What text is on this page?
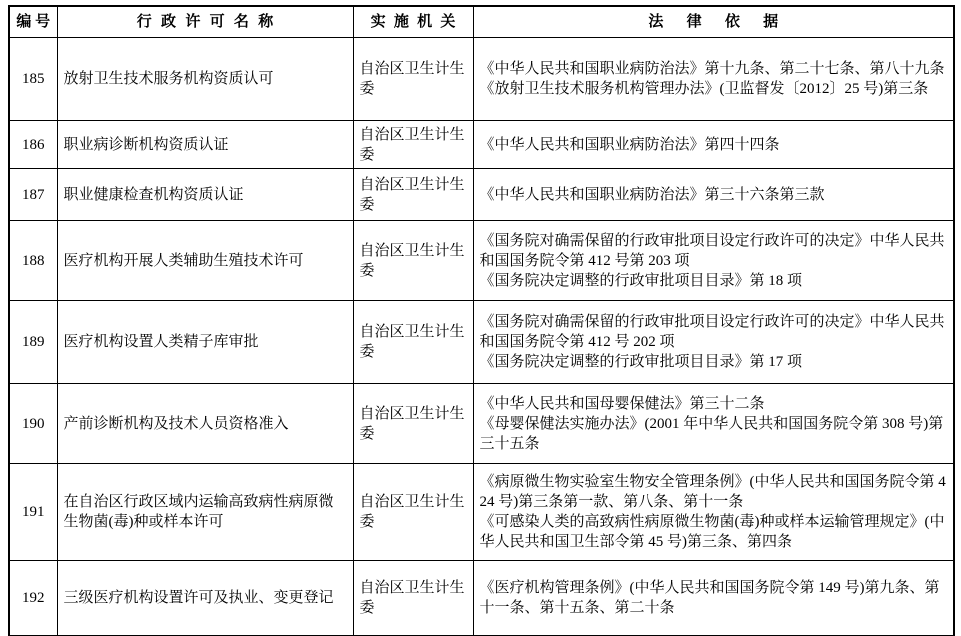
编号	行政许可名称	实施机关	法律依据
185	放射卫生技术服务机构资质认可	自治区卫生计生委	《中华人民共和国职业病防治法》第十九条、第二十七条、第八十九条
《放射卫生技术服务机构管理办法》(卫监督发〔2012〕25 号)第三条

186	职业病诊断机构资质认证	自治区卫生计生委	《中华人民共和国职业病防治法》第四十四条

187	职业健康检查机构资质认证	自治区卫生计生委	《中华人民共和国职业病防治法》第三十六条第三款

188	医疗机构开展人类辅助生殖技术许可	自治区卫生计生委	《国务院对确需保留的行政审批项目设定行政许可的决定》中华人民共和国国务院令第 412 号第 203 项
《国务院决定调整的行政审批项目目录》第 18 项

189	医疗机构设置人类精子库审批	自治区卫生计生委	《国务院对确需保留的行政审批项目设定行政许可的决定》中华人民共和国国务院令第 412 号 202 项
《国务院决定调整的行政审批项目目录》第 17 项

190	产前诊断机构及技术人员资格准入	自治区卫生计生委	《中华人民共和国母婴保健法》第三十二条
《母婴保健法实施办法》(2001 年中华人民共和国国务院令第 308 号)第三十五条

191	在自治区行政区域内运输高致病性病原微生物菌(毒)种或样本许可	自治区卫生计生委	《病原微生物实验室生物安全管理条例》(中华人民共和国国务院令第 424 号)第三条第一款、第八条、第十一条
《可感染人类的高致病性病原微生物菌(毒)种或样本运输管理规定》(中华人民共和国卫生部令第 45 号)第三条、第四条

192	三级医疗机构设置许可及执业、变更登记	自治区卫生计生委	《医疗机构管理条例》(中华人民共和国国务院令第 149 号)第九条、第十一条、第十五条、第二十条
